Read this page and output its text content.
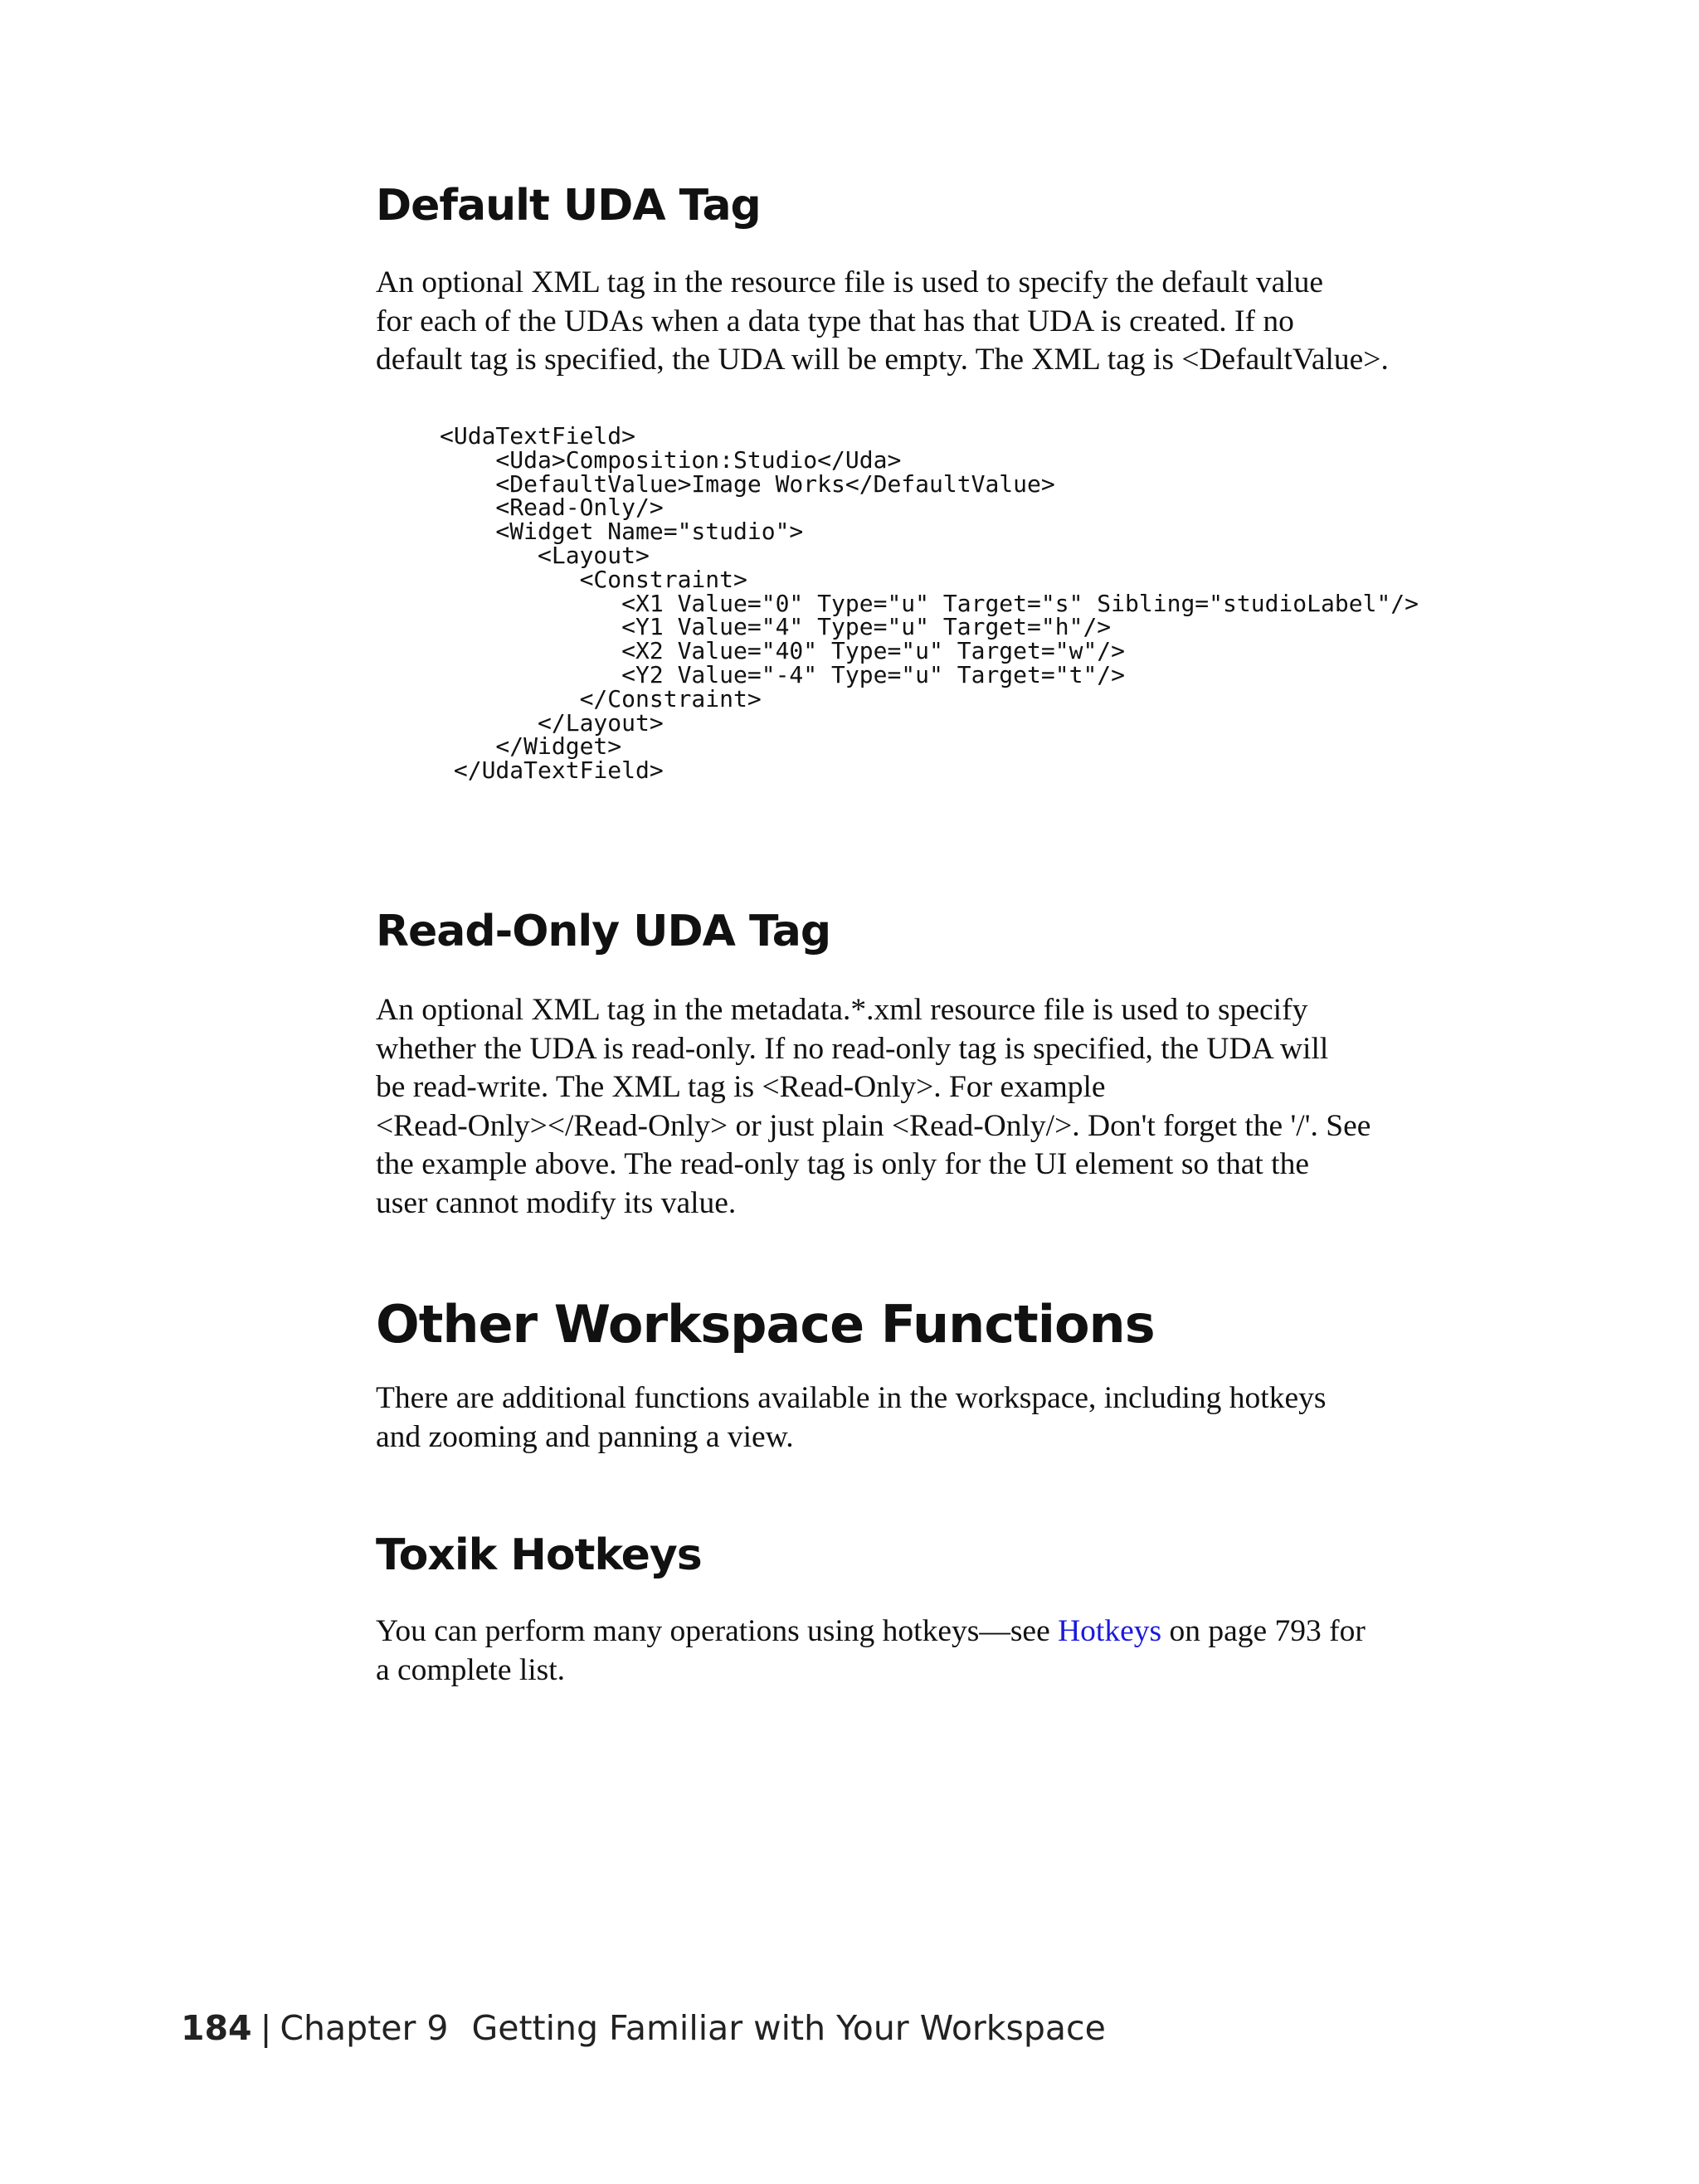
Default UDA Tag

An optional XML tag in the resource file is used to specify the default value
for each of the UDAs when a data type that has that UDA is created. If no
default tag is specified, the UDA will be empty. The XML tag is <DefaultValue>.

<UdaTextField>
<Uda>Composition:Studio</Uda>
<DefaultValue>Image Works</DefaultValue>
<Read-Only/>
<Widget Name="studio">
<Layout>
<Constraint>
<X1 Value="0" Type="u" Target="s" Sibling="studioLabel"/>
<Y1 Value="4" Type="u" Target="h"/>
<X2 Value="40" Type="u" Target="w"/>
<Y2 Value="-4" Type="u" Target="t"/>
</Constraint>
</Layout>
</Widget>
</UdaTextField>
Read-Only UDA Tag

An optional XML tag in the metadata.*.xml resource file is used to specify
whether the UDA is read-only. If no read-only tag is specified, the UDA will
be read-write. The XML tag is <Read-Only>. For example
<Read-Only></Read-Only> or just plain <Read-Only/>. Don't forget the '/'. See
the example above. The read-only tag is only for the UI element so that the
user cannot modify its value.

Other Workspace Functions

There are additional functions available in the workspace, including hotkeys
and zooming and panning a view.

Toxik Hotkeys

You can perform many operations using hotkeys—see Hotkeys on page 793 for
a complete list.

184 | Chapter 9 Getting Familiar with Your Workspace
